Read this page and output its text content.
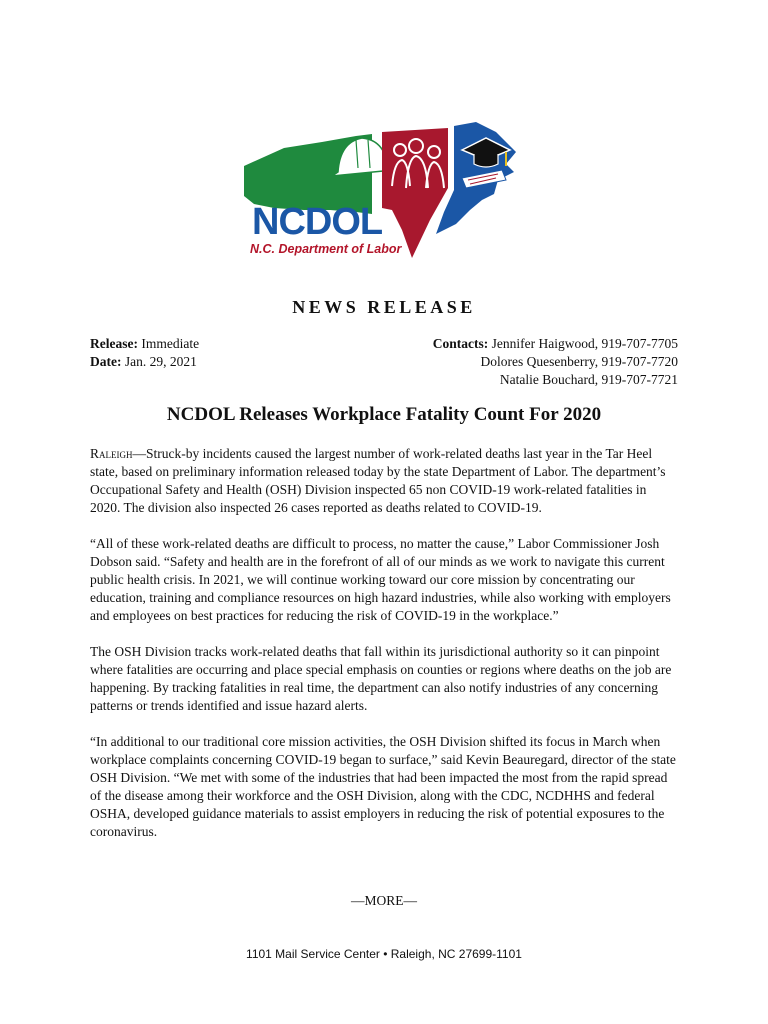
NCDOL
N.C. Department of Labor
NEWS RELEASE
Release: Immediate
Date: Jan. 29, 2021
Contacts: Jennifer Haigwood, 919-707-7705
Dolores Quesenberry, 919-707-7720
Natalie Bouchard, 919-707-7721
NCDOL Releases Workplace Fatality Count For 2020

Raleigh—Struck-by incidents caused the largest number of work-related deaths last year in the Tar Heel state, based on preliminary information released today by the state Department of Labor. The department’s Occupational Safety and Health (OSH) Division inspected 65 non COVID-19 work-related fatalities in 2020. The division also inspected 26 cases reported as deaths related to COVID-19.

“All of these work-related deaths are difficult to process, no matter the cause,” Labor Commissioner Josh Dobson said. “Safety and health are in the forefront of all of our minds as we work to navigate this current public health crisis. In 2021, we will continue working toward our core mission by concentrating our education, training and compliance resources on high hazard industries, while also working with employers and employees on best practices for reducing the risk of COVID-19 in the workplace.”

The OSH Division tracks work-related deaths that fall within its jurisdictional authority so it can pinpoint where fatalities are occurring and place special emphasis on counties or regions where deaths on the job are happening. By tracking fatalities in real time, the department can also notify industries of any concerning patterns or trends identified and issue hazard alerts.

“In additional to our traditional core mission activities, the OSH Division shifted its focus in March when workplace complaints concerning COVID-19 began to surface,” said Kevin Beauregard, director of the state OSH Division. “We met with some of the industries that had been impacted the most from the rapid spread of the disease among their workforce and the OSH Division, along with the CDC, NCDHHS and federal OSHA, developed guidance materials to assist employers in reducing the risk of potential exposures to the coronavirus.

—MORE—
1101 Mail Service Center • Raleigh, NC 27699-1101
